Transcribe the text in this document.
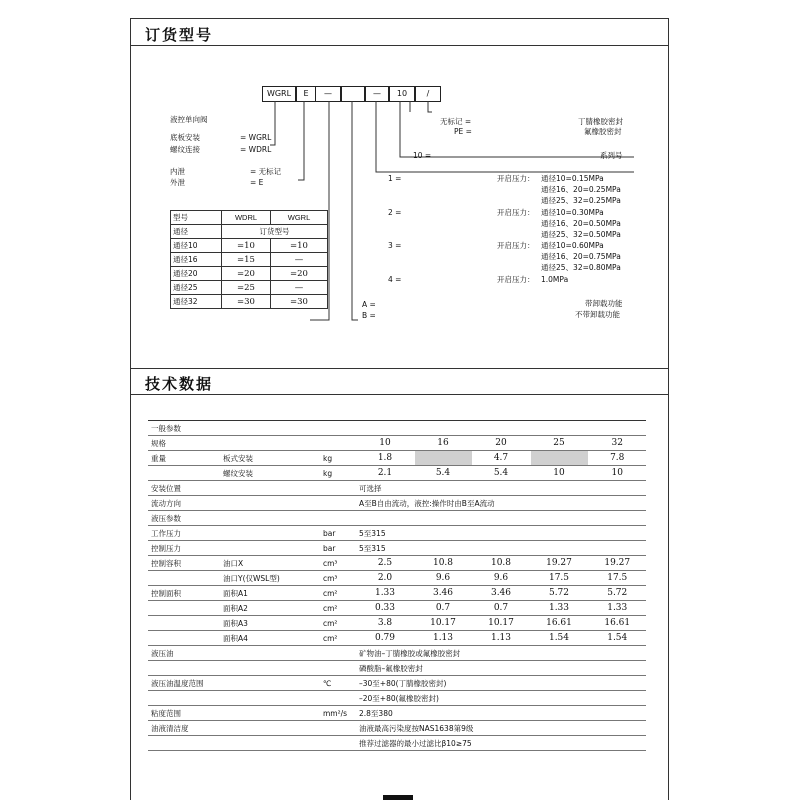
订货型号
WGRL	E	—	—	10	/
液控单向阀
底板安装	= WGRL
螺纹连接	= WDRL
内泄	= 无标记
外泄	= E
无标记 =	丁腈橡胶密封
PE =	氟橡胶密封
10 =	系列号
1 =	开启压力： 通径10=0.15MPa
通径16、20=0.25MPa
通径25、32=0.25MPa
2 =	开启压力： 通径10=0.30MPa
通径16、20=0.50MPa
通径25、32=0.50MPa
3 =	开启压力： 通径10=0.60MPa
通径16、20=0.75MPa
通径25、32=0.80MPa
4 =	开启压力： 1.0MPa
A =	带卸载功能
B =	不带卸载功能
型号	WDRL	WGRL
通径	订货型号	
通径10	=10	=10
通径16	=15	—
通径20	=20	=20
通径25	=25	—
通径32	=30	=30
技术数据
一般参数							
规格			10	16	20	25	32
重量	板式安装	kg	1.8		4.7		7.8
	螺纹安装	kg	2.1	5.4	5.4	10	10
安装位置			可选择				
流动方向			A至B自由流动，液控:操作时由B至A流动				
液压参数							
工作压力		bar	5至315				
控制压力		bar	5至315				
控制容积	油口X	cm³	2.5	10.8	10.8	19.27	19.27
	油口Y(仅WSL型)	cm³	2.0	9.6	9.6	17.5	17.5
控制面积	面积A1	cm²	1.33	3.46	3.46	5.72	5.72
	面积A2	cm²	0.33	0.7	0.7	1.33	1.33
	面积A3	cm²	3.8	10.17	10.17	16.61	16.61
	面积A4	cm²	0.79	1.13	1.13	1.54	1.54
液压油			矿物油–丁腈橡胶或氟橡胶密封				
			磷酸脂–氟橡胶密封				
液压油温度范围		℃	–30至+80(丁腈橡胶密封)				
			–20至+80(氟橡胶密封)				
粘度范围		mm²/s	2.8至380				
油液清洁度			油液最高污染度按NAS1638第9级				
			推荐过滤器的最小过滤比β10≥75				
